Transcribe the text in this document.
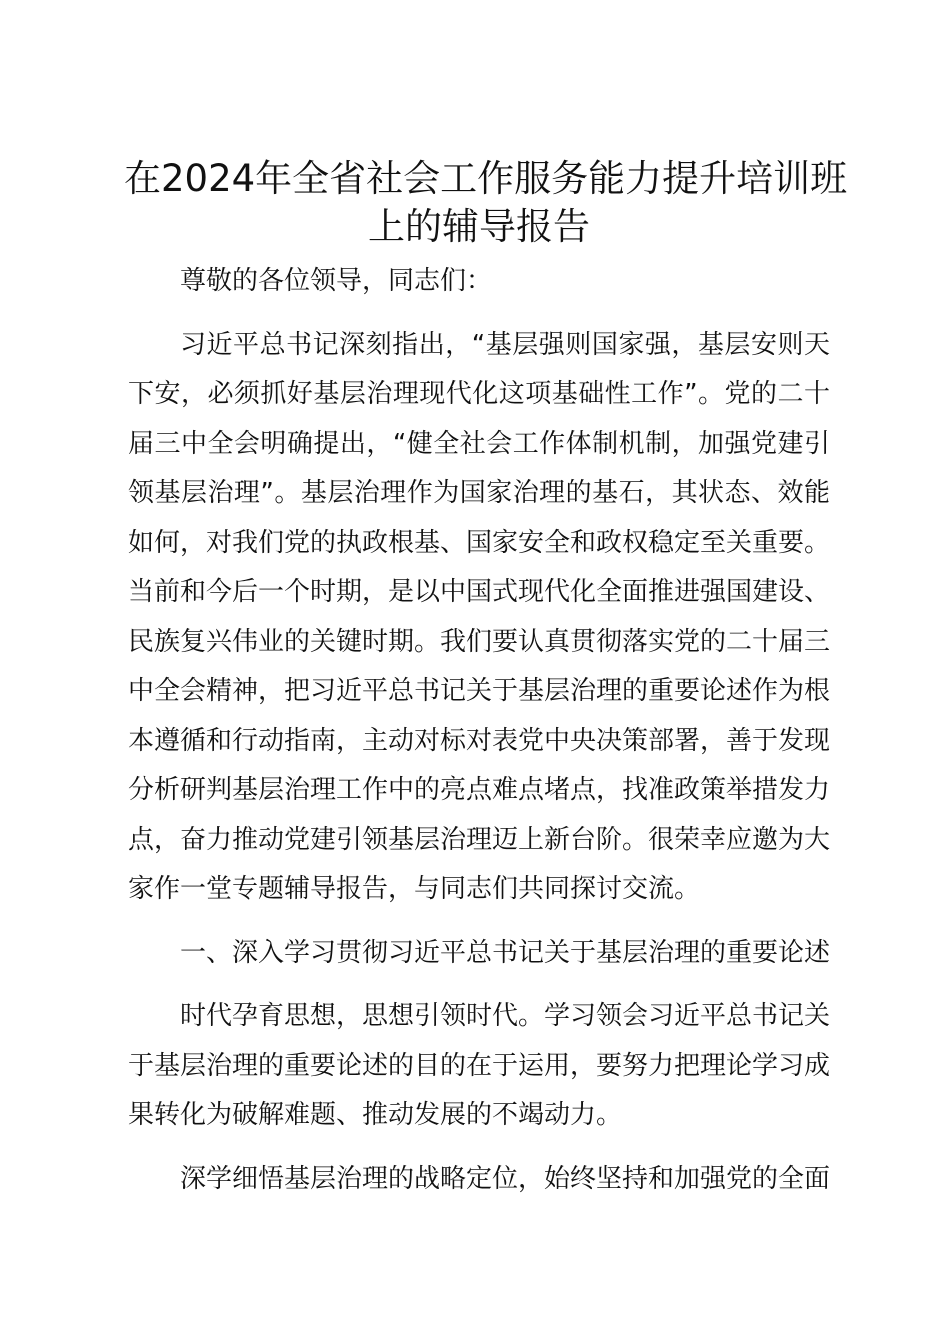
在2024年全省社会工作服务能力提升培训班
上的辅导报告

尊敬的各位领导，同志们：

习近平总书记深刻指出，“基层强则国家强，基层安则天下安，必须抓好基层治理现代化这项基础性工作”。党的二十届三中全会明确提出，“健全社会工作体制机制，加强党建引领基层治理”。基层治理作为国家治理的基石，其状态、效能如何，对我们党的执政根基、国家安全和政权稳定至关重要。当前和今后一个时期，是以中国式现代化全面推进强国建设、民族复兴伟业的关键时期。我们要认真贯彻落实党的二十届三中全会精神，把习近平总书记关于基层治理的重要论述作为根本遵循和行动指南，主动对标对表党中央决策部署，善于发现分析研判基层治理工作中的亮点难点堵点，找准政策举措发力点，奋力推动党建引领基层治理迈上新台阶。很荣幸应邀为大家作一堂专题辅导报告，与同志们共同探讨交流。

一、深入学习贯彻习近平总书记关于基层治理的重要论述

时代孕育思想，思想引领时代。学习领会习近平总书记关于基层治理的重要论述的目的在于运用，要努力把理论学习成果转化为破解难题、推动发展的不竭动力。

深学细悟基层治理的战略定位，始终坚持和加强党的全面
